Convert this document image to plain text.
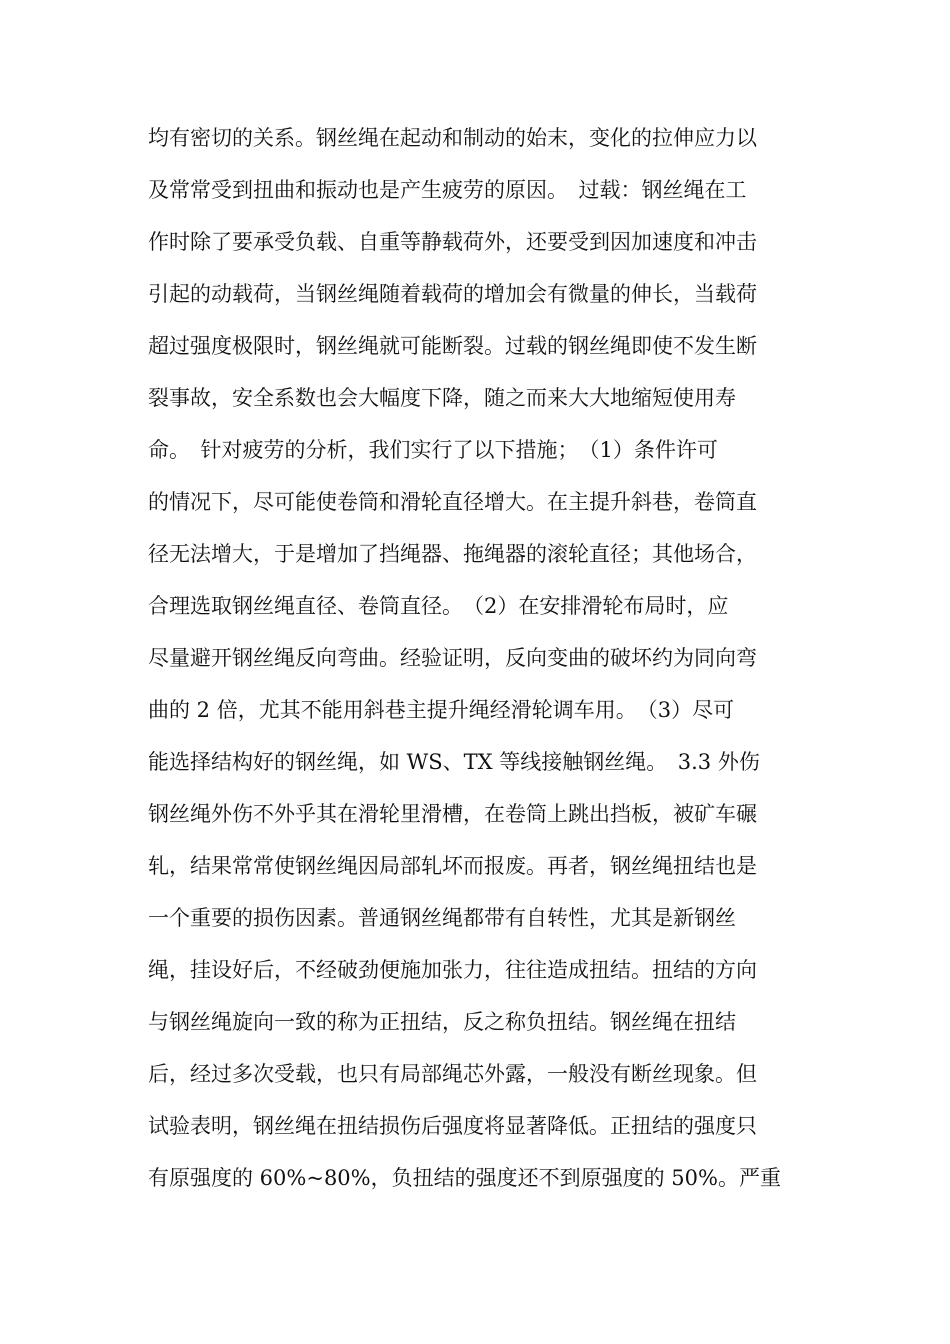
均有密切的关系。钢丝绳在起动和制动的始末，变化的拉伸应力以
及常常受到扭曲和振动也是产生疲劳的原因。　过载：钢丝绳在工
作时除了要承受负载、自重等静载荷外，还要受到因加速度和冲击
引起的动载荷，当钢丝绳随着载荷的增加会有微量的伸长，当载荷
超过强度极限时，钢丝绳就可能断裂。过载的钢丝绳即使不发生断
裂事故，安全系数也会大幅度下降，随之而来大大地缩短使用寿
命。　针对疲劳的分析，我们实行了以下措施；　（1）条件许可
的情况下，尽可能使卷筒和滑轮直径增大。在主提升斜巷，卷筒直
径无法增大，于是增加了挡绳器、拖绳器的滚轮直径；其他场合，
合理选取钢丝绳直径、卷筒直径。　（2）在安排滑轮布局时，应
尽量避开钢丝绳反向弯曲。经验证明，反向变曲的破坏约为同向弯
曲的 2 倍，尤其不能用斜巷主提升绳经滑轮调车用。　（3）尽可
能选择结构好的钢丝绳，如 WS、TX 等线接触钢丝绳。　3.3 外伤
钢丝绳外伤不外乎其在滑轮里滑槽，在卷筒上跳出挡板，被矿车碾
轧，结果常常使钢丝绳因局部轧坏而报废。再者，钢丝绳扭结也是
一个重要的损伤因素。普通钢丝绳都带有自转性，尤其是新钢丝
绳，挂设好后，不经破劲便施加张力，往往造成扭结。扭结的方向
与钢丝绳旋向一致的称为正扭结，反之称负扭结。钢丝绳在扭结
后，经过多次受载，也只有局部绳芯外露，一般没有断丝现象。但
试验表明，钢丝绳在扭结损伤后强度将显著降低。正扭结的强度只
有原强度的 60%~80%，负扭结的强度还不到原强度的 50%。严重
